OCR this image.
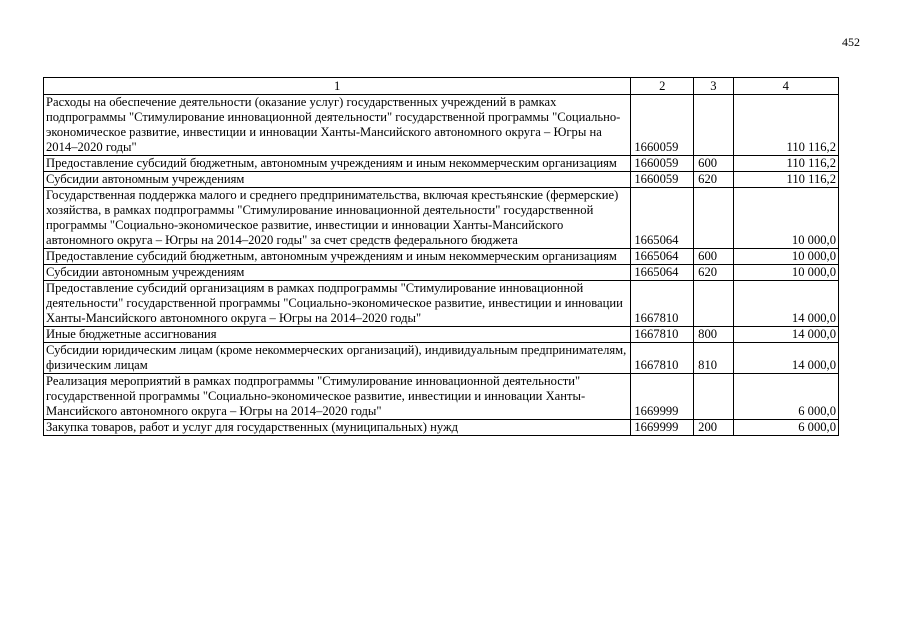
452
1	2	3	4
Расходы на обеспечение деятельности (оказание услуг) государственных учреждений в рамках подпрограммы "Стимулирование инновационной деятельности" государственной программы "Социально-экономическое развитие, инвестиции и инновации Ханты-Мансийского автономного округа – Югры на 2014–2020 годы"	1660059		110 116,2
Предоставление субсидий бюджетным, автономным учреждениям и иным некоммерческим организациям	1660059	600	110 116,2
Субсидии автономным учреждениям	1660059	620	110 116,2
Государственная поддержка малого и среднего предпринимательства, включая крестьянские (фермерские) хозяйства, в рамках подпрограммы "Стимулирование инновационной деятельности" государственной программы "Социально-экономическое развитие, инвестиции и инновации Ханты-Мансийского автономного округа – Югры на 2014–2020 годы" за счет средств федерального бюджета	1665064		10 000,0
Предоставление субсидий бюджетным, автономным учреждениям и иным некоммерческим организациям	1665064	600	10 000,0
Субсидии автономным учреждениям	1665064	620	10 000,0
Предоставление субсидий организациям в рамках подпрограммы "Стимулирование инновационной деятельности" государственной программы "Социально-экономическое развитие, инвестиции и инновации Ханты-Мансийского автономного округа – Югры на 2014–2020 годы"	1667810		14 000,0
Иные бюджетные ассигнования	1667810	800	14 000,0
Субсидии юридическим лицам (кроме некоммерческих организаций), индивидуальным предпринимателям, физическим лицам	1667810	810	14 000,0
Реализация мероприятий в рамках подпрограммы "Стимулирование инновационной деятельности" государственной программы "Социально-экономическое развитие, инвестиции и инновации Ханты-Мансийского автономного округа – Югры на 2014–2020 годы"	1669999		6 000,0
Закупка товаров, работ и услуг для государственных (муниципальных) нужд	1669999	200	6 000,0
